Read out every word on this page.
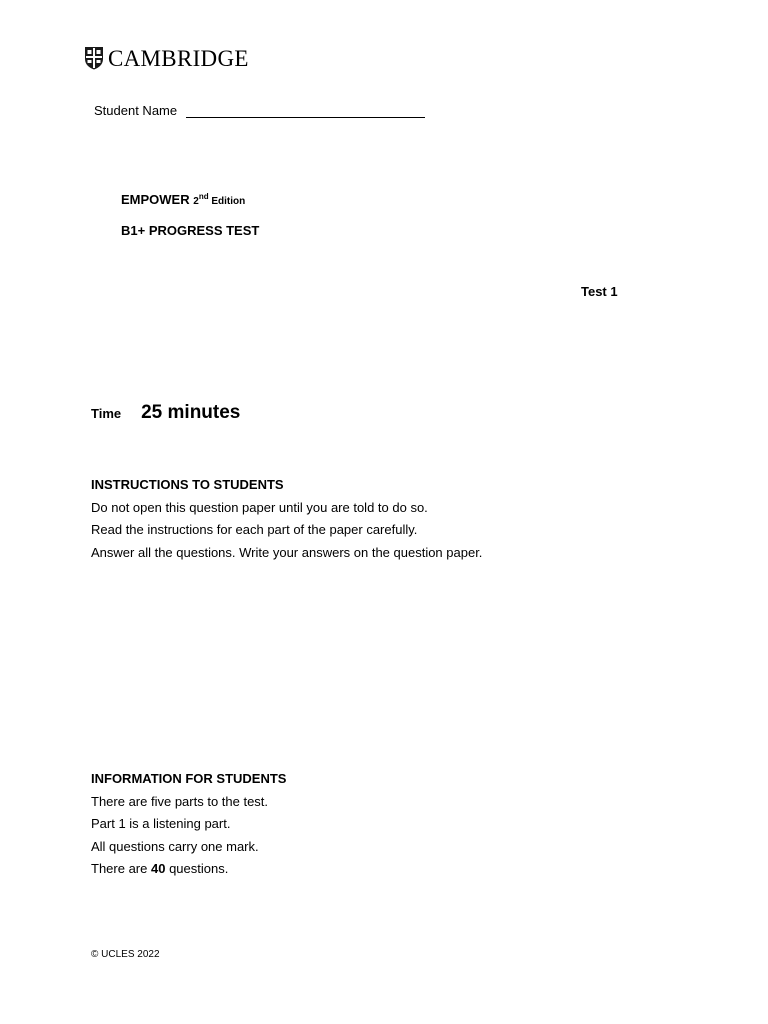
CAMBRIDGE
Student Name
EMPOWER 2nd Edition
B1+ PROGRESS TEST
Test 1
Time 25 minutes
INSTRUCTIONS TO STUDENTS
Do not open this question paper until you are told to do so.
Read the instructions for each part of the paper carefully.
Answer all the questions. Write your answers on the question paper.
INFORMATION FOR STUDENTS
There are five parts to the test.
Part 1 is a listening part.
All questions carry one mark.
There are 40 questions.
© UCLES 2022
